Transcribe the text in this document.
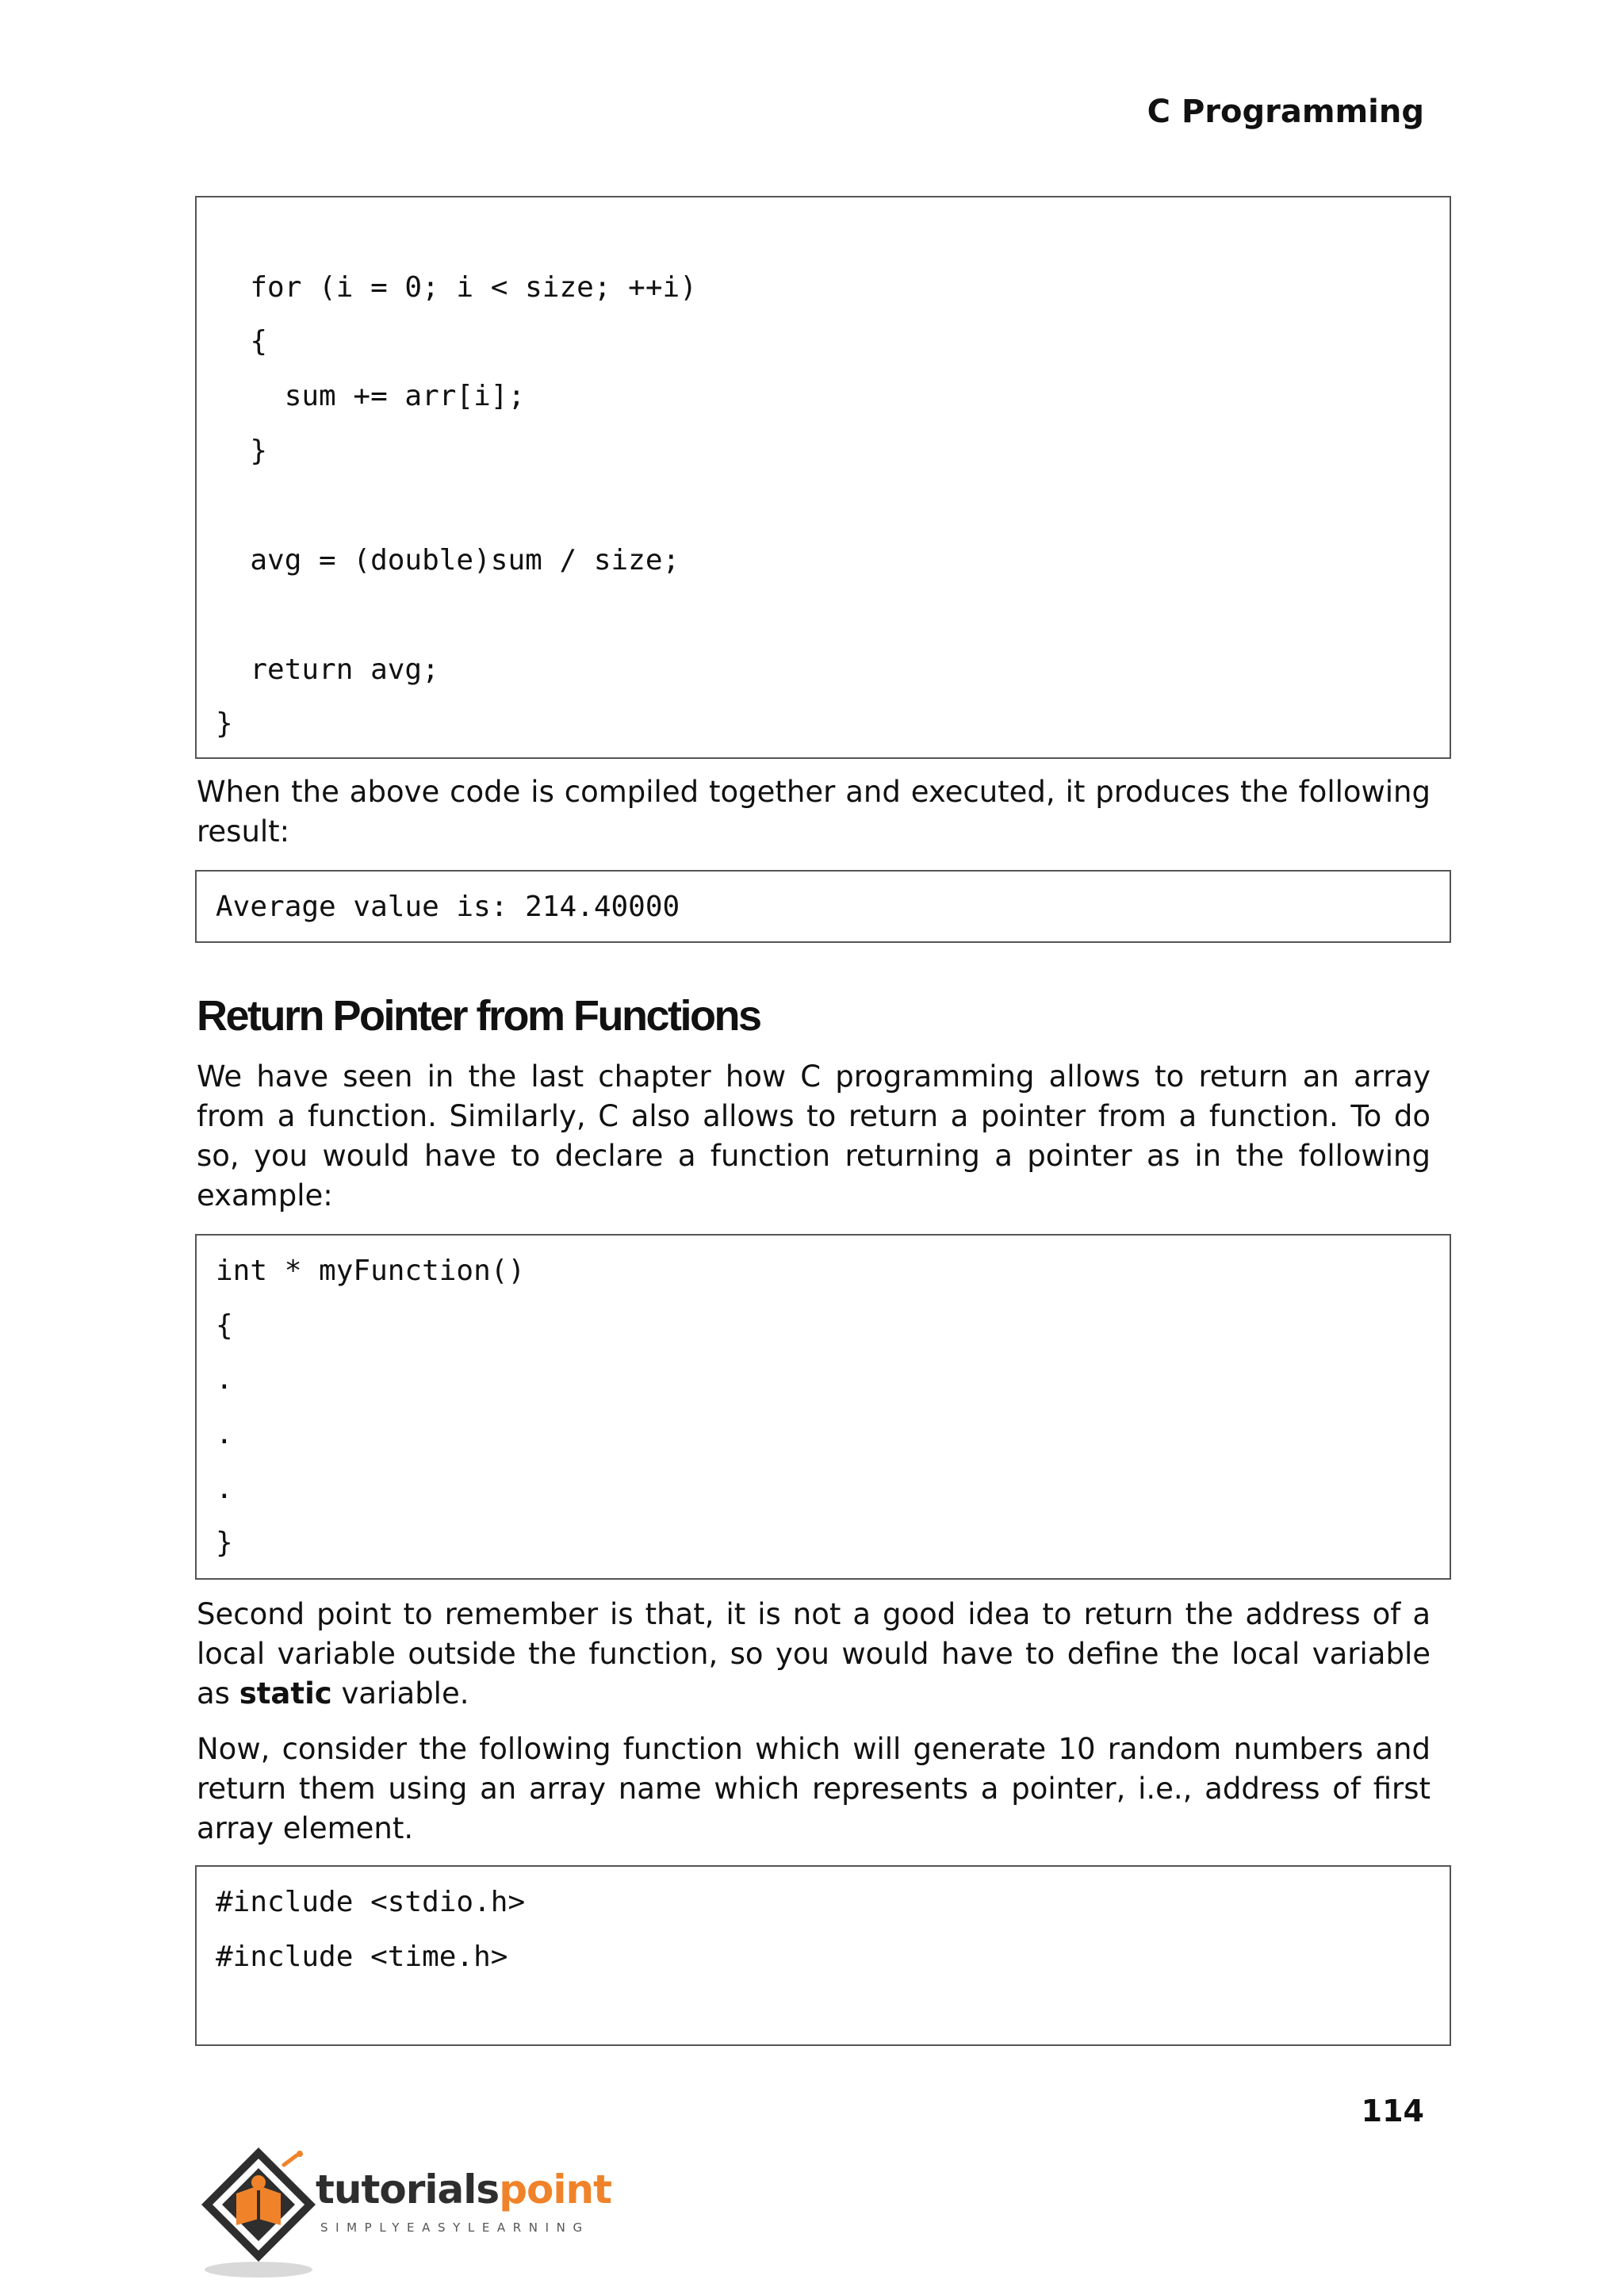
C Programming
for (i = 0; i < size; ++i)
{
sum += arr[i];
}
avg = (double)sum / size;
return avg;
}

When the above code is compiled together and executed, it produces the following result:

Average value is: 214.40000
Return Pointer from Functions

We have seen in the last chapter how C programming allows to return an array from a function. Similarly, C also allows to return a pointer from a function. To do so, you would have to declare a function returning a pointer as in the following example:

int * myFunction()
{
.
.
.
}

Second point to remember is that, it is not a good idea to return the address of a local variable outside the function, so you would have to define the local variable as static variable.

Now, consider the following function which will generate 10 random numbers and return them using an array name which represents a pointer, i.e., address of first array element.

#include <stdio.h>
#include <time.h>
114
tutorialspoint
SIMPLYEASYLEARNING
